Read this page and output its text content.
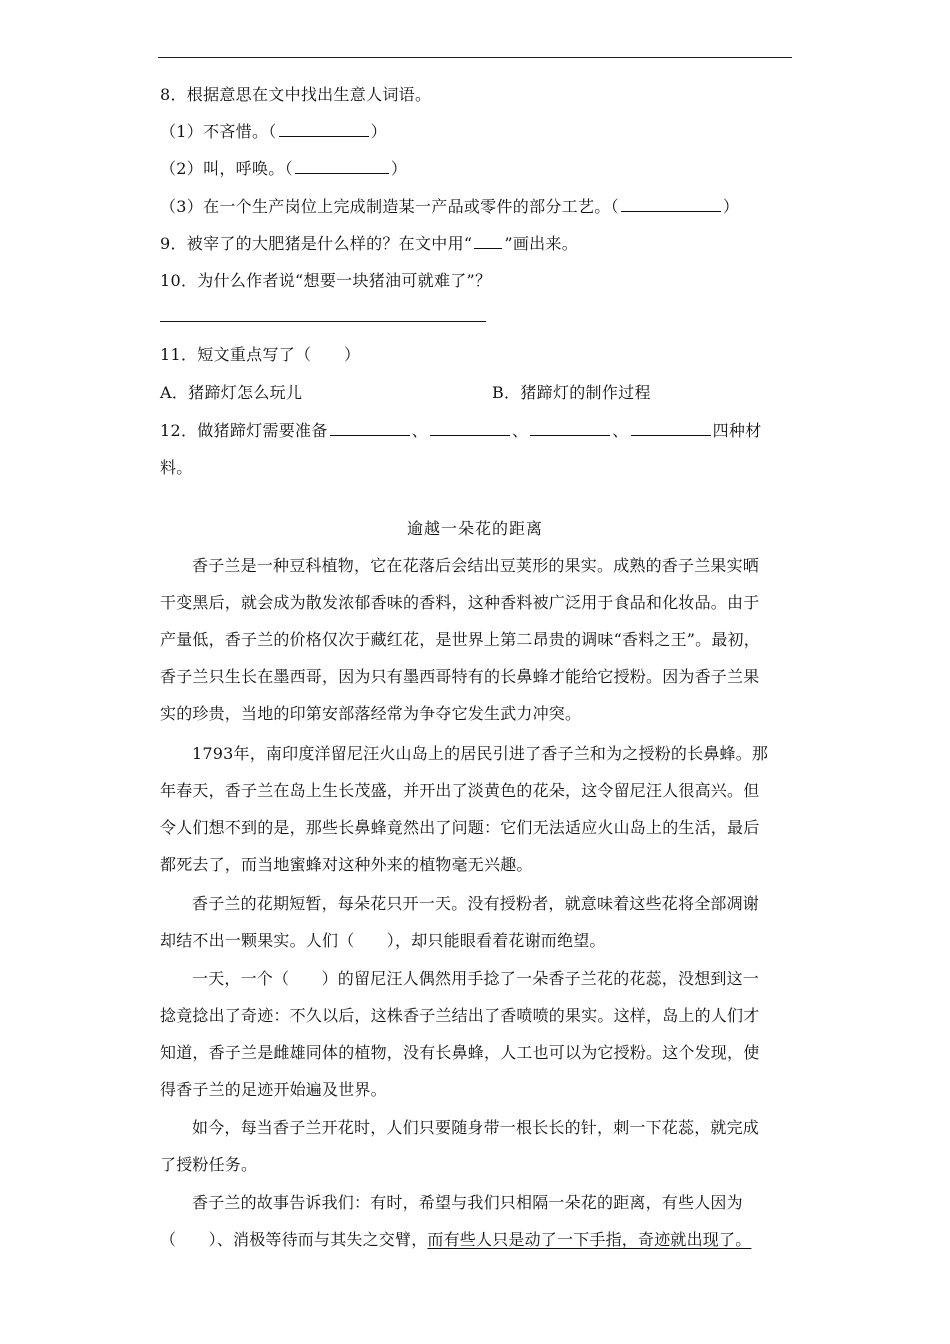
8．根据意思在文中找出生意人词语。
（1）不吝惜。（	）
（2）叫，呼唤。（	）
（3）在一个生产岗位上完成制造某一产品或零件的部分工艺。（	）
9．被宰了的大肥猪是什么样的？在文中用“ ”画出来。
10．为什么作者说“想要一块猪油可就难了”？
11．短文重点写了（　　）
A．猪蹄灯怎么玩儿	B．猪蹄灯的制作过程
12．做猪蹄灯需要准备	、	、	、	四种材
料。
逾越一朵花的距离
香子兰是一种豆科植物，它在花落后会结出豆荚形的果实。成熟的香子兰果实晒
干变黑后，就会成为散发浓郁香味的香料，这种香料被广泛用于食品和化妆品。由于
产量低，香子兰的价格仅次于藏红花，是世界上第二昂贵的调味“香料之王”。最初，
香子兰只生长在墨西哥，因为只有墨西哥特有的长鼻蜂才能给它授粉。因为香子兰果
实的珍贵，当地的印第安部落经常为争夺它发生武力冲突。
1793年，南印度洋留尼汪火山岛上的居民引进了香子兰和为之授粉的长鼻蜂。那
年春天，香子兰在岛上生长茂盛，并开出了淡黄色的花朵，这令留尼汪人很高兴。但
令人们想不到的是，那些长鼻蜂竟然出了问题：它们无法适应火山岛上的生活，最后
都死去了，而当地蜜蜂对这种外来的植物毫无兴趣。
香子兰的花期短暂，每朵花只开一天。没有授粉者，就意味着这些花将全部凋谢
却结不出一颗果实。人们（　　），却只能眼看着花谢而绝望。
一天，一个（　　）的留尼汪人偶然用手捻了一朵香子兰花的花蕊，没想到这一
捻竟捻出了奇迹：不久以后，这株香子兰结出了香喷喷的果实。这样，岛上的人们才
知道，香子兰是雌雄同体的植物，没有长鼻蜂，人工也可以为它授粉。这个发现，使
得香子兰的足迹开始遍及世界。
如今，每当香子兰开花时，人们只要随身带一根长长的针，刺一下花蕊，就完成
了授粉任务。
香子兰的故事告诉我们：有时，希望与我们只相隔一朵花的距离，有些人因为
（　　）、消极等待而与其失之交臂，而有些人只是动了一下手指，奇迹就出现了。
